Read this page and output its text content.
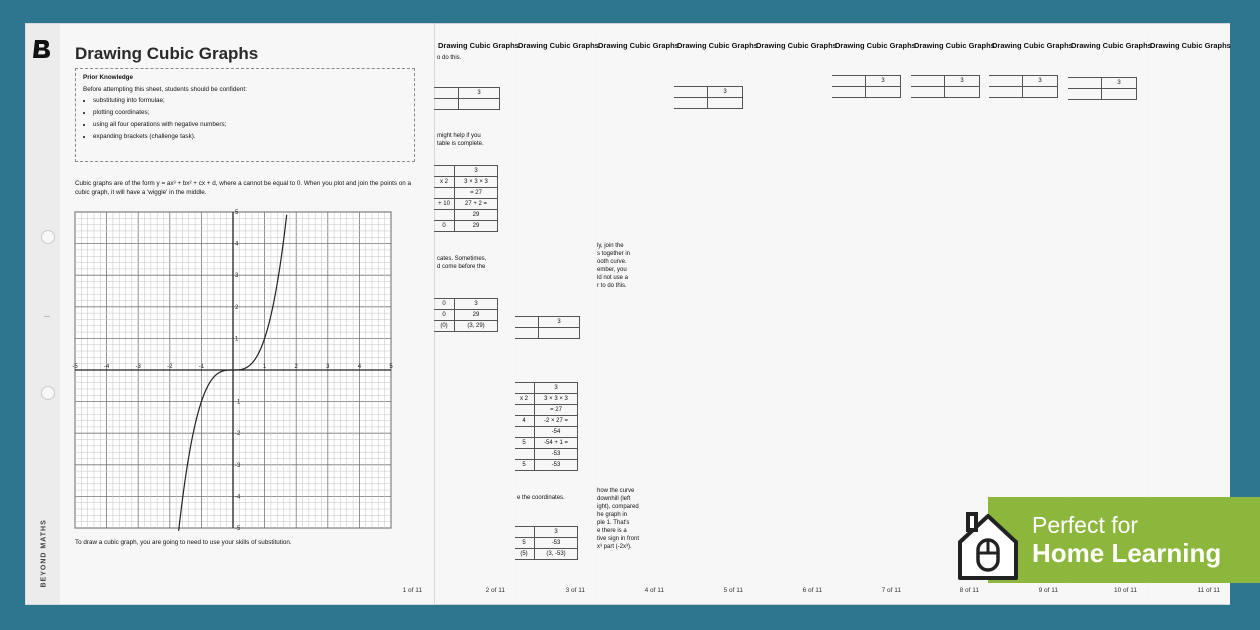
BEYOND MATHS
Drawing Cubic Graphs
11 of 11
Drawing Cubic Graphs
	3

10 of 11
Drawing Cubic Graphs
	3

9 of 11
Drawing Cubic Graphs
	3

8 of 11
Drawing Cubic Graphs
	3

7 of 11
Drawing Cubic Graphs
6 of 11
Drawing Cubic Graphs
	3

5 of 11
Drawing Cubic Graphs
ly, join the
s together in
ooth curve.
ember, you
ld not use a
r to do this.
how the curve
downhill (left
ight), compared
he graph in
ple 1. That's
e there is a
tive sign in front
x³ part (-2x³).
4 of 11
Drawing Cubic Graphs
e the coordinates.
	3

	3
x 2	3 × 3 × 3
	= 27
4	-2 × 27 =
	-54
5	-54 + 1 =
	-53
5	-53
	3
5	-53
(5)	(3, -53)
3 of 11
Drawing Cubic Graphs
o do this.
	3

might help if you
table is complete.
	3
x 2	3 × 3 × 3
	= 27
+ 10	27 + 2 =
	29
0	29
cates. Sometimes,
d come before the
0	3
0	29
(0)	(3, 29)
2 of 11
Drawing Cubic Graphs
Prior Knowledge
Before attempting this sheet, students should be confident:
• substituting into formulae;
• plotting coordinates;
• using all four operations with negative numbers;
• expanding brackets (challenge task).
Cubic graphs are of the form y = ax³ + bx² + cx + d, where a cannot be equal to 0. When you plot and join the points on a cubic graph, it will have a 'wiggle' in the middle.
-5	-4	-3	-2	-1	1	2	3	4	5
5
4
3
2
1
-1
-2
-3
-4
-5
To draw a cubic graph, you are going to need to use your skills of substitution.
1 of 11
Perfect for
Home Learning
